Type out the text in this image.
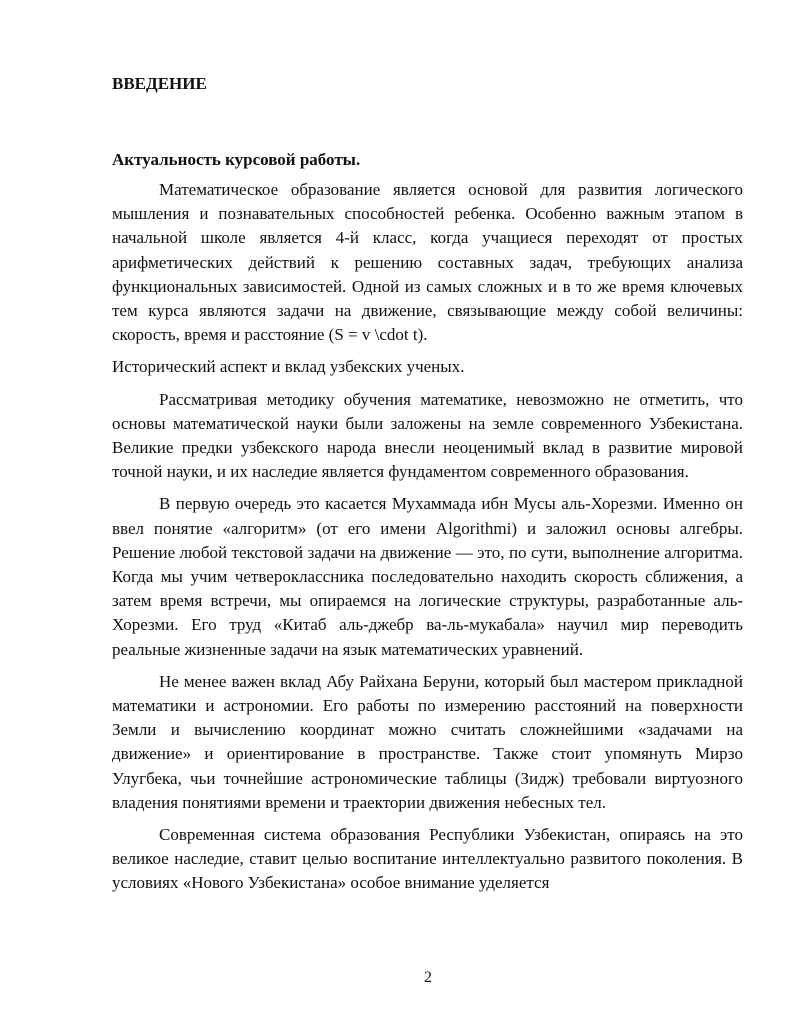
ВВЕДЕНИЕ
Актуальность курсовой работы.

Математическое образование является основой для развития логического мышления и познавательных способностей ребенка. Особенно важным этапом в начальной школе является 4-й класс, когда учащиеся переходят от простых арифметических действий к решению составных задач, требующих анализа функциональных зависимостей. Одной из самых сложных и в то же время ключевых тем курса являются задачи на движение, связывающие между собой величины: скорость, время и расстояние (S = v \cdot t).

Исторический аспект и вклад узбекских ученых.

Рассматривая методику обучения математике, невозможно не отметить, что основы математической науки были заложены на земле современного Узбекистана. Великие предки узбекского народа внесли неоценимый вклад в развитие мировой точной науки, и их наследие является фундаментом современного образования.

В первую очередь это касается Мухаммада ибн Мусы аль-Хорезми. Именно он ввел понятие «алгоритм» (от его имени Algorithmi) и заложил основы алгебры. Решение любой текстовой задачи на движение — это, по сути, выполнение алгоритма. Когда мы учим четвероклассника последовательно находить скорость сближения, а затем время встречи, мы опираемся на логические структуры, разработанные аль-Хорезми. Его труд «Китаб аль-джебр ва-ль-мукабала» научил мир переводить реальные жизненные задачи на язык математических уравнений.

Не менее важен вклад Абу Райхана Беруни, который был мастером прикладной математики и астрономии. Его работы по измерению расстояний на поверхности Земли и вычислению координат можно считать сложнейшими «задачами на движение» и ориентирование в пространстве. Также стоит упомянуть Мирзо Улугбека, чьи точнейшие астрономические таблицы (Зидж) требовали виртуозного владения понятиями времени и траектории движения небесных тел.

Современная система образования Республики Узбекистан, опираясь на это великое наследие, ставит целью воспитание интеллектуально развитого поколения. В условиях «Нового Узбекистана» особое внимание уделяется

2
